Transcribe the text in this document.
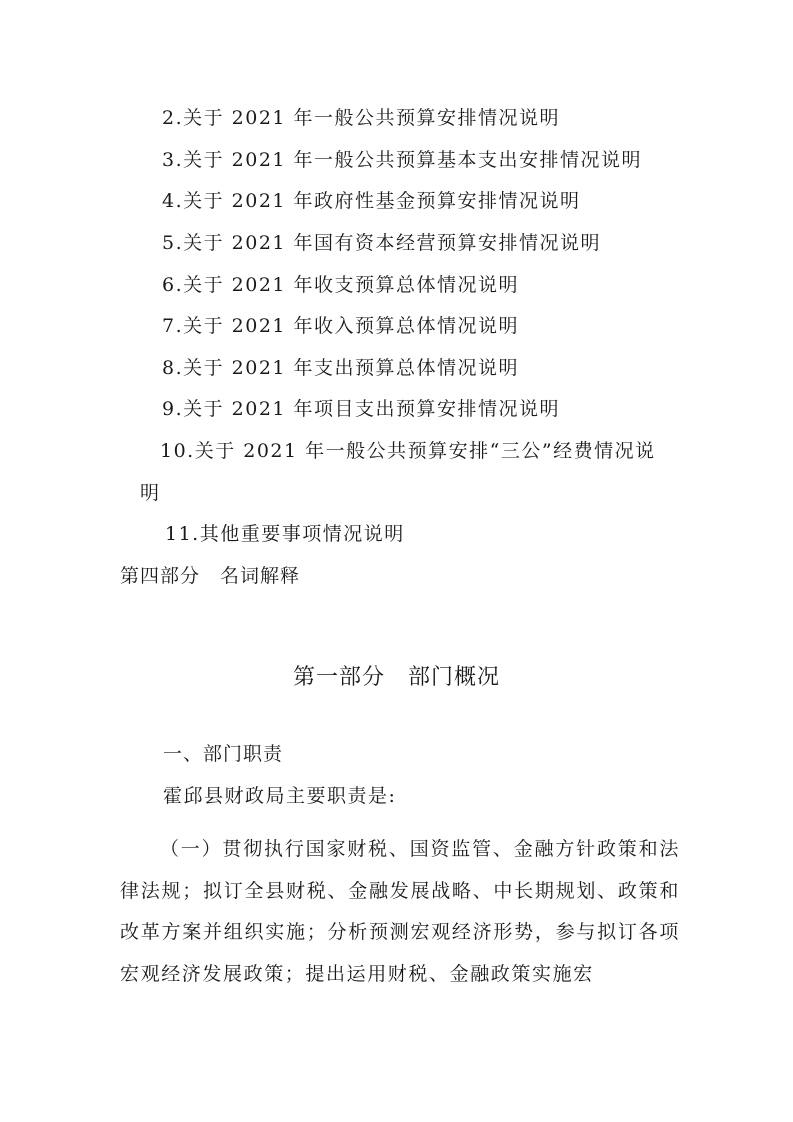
2.关于 2021 年一般公共预算安排情况说明
3.关于 2021 年一般公共预算基本支出安排情况说明
4.关于 2021 年政府性基金预算安排情况说明
5.关于 2021 年国有资本经营预算安排情况说明
6.关于 2021 年收支预算总体情况说明
7.关于 2021 年收入预算总体情况说明
8.关于 2021 年支出预算总体情况说明
9.关于 2021 年项目支出预算安排情况说明
10.关于 2021 年一般公共预算安排“三公”经费情况说
明
11.其他重要事项情况说明
第四部分　名词解释
第一部分　部门概况
一、部门职责
霍邱县财政局主要职责是:
（一）贯彻执行国家财税、国资监管、金融方针政策和法律法规；拟订全县财税、金融发展战略、中长期规划、政策和改革方案并组织实施；分析预测宏观经济形势，参与拟订各项宏观经济发展政策；提出运用财税、金融政策实施宏
